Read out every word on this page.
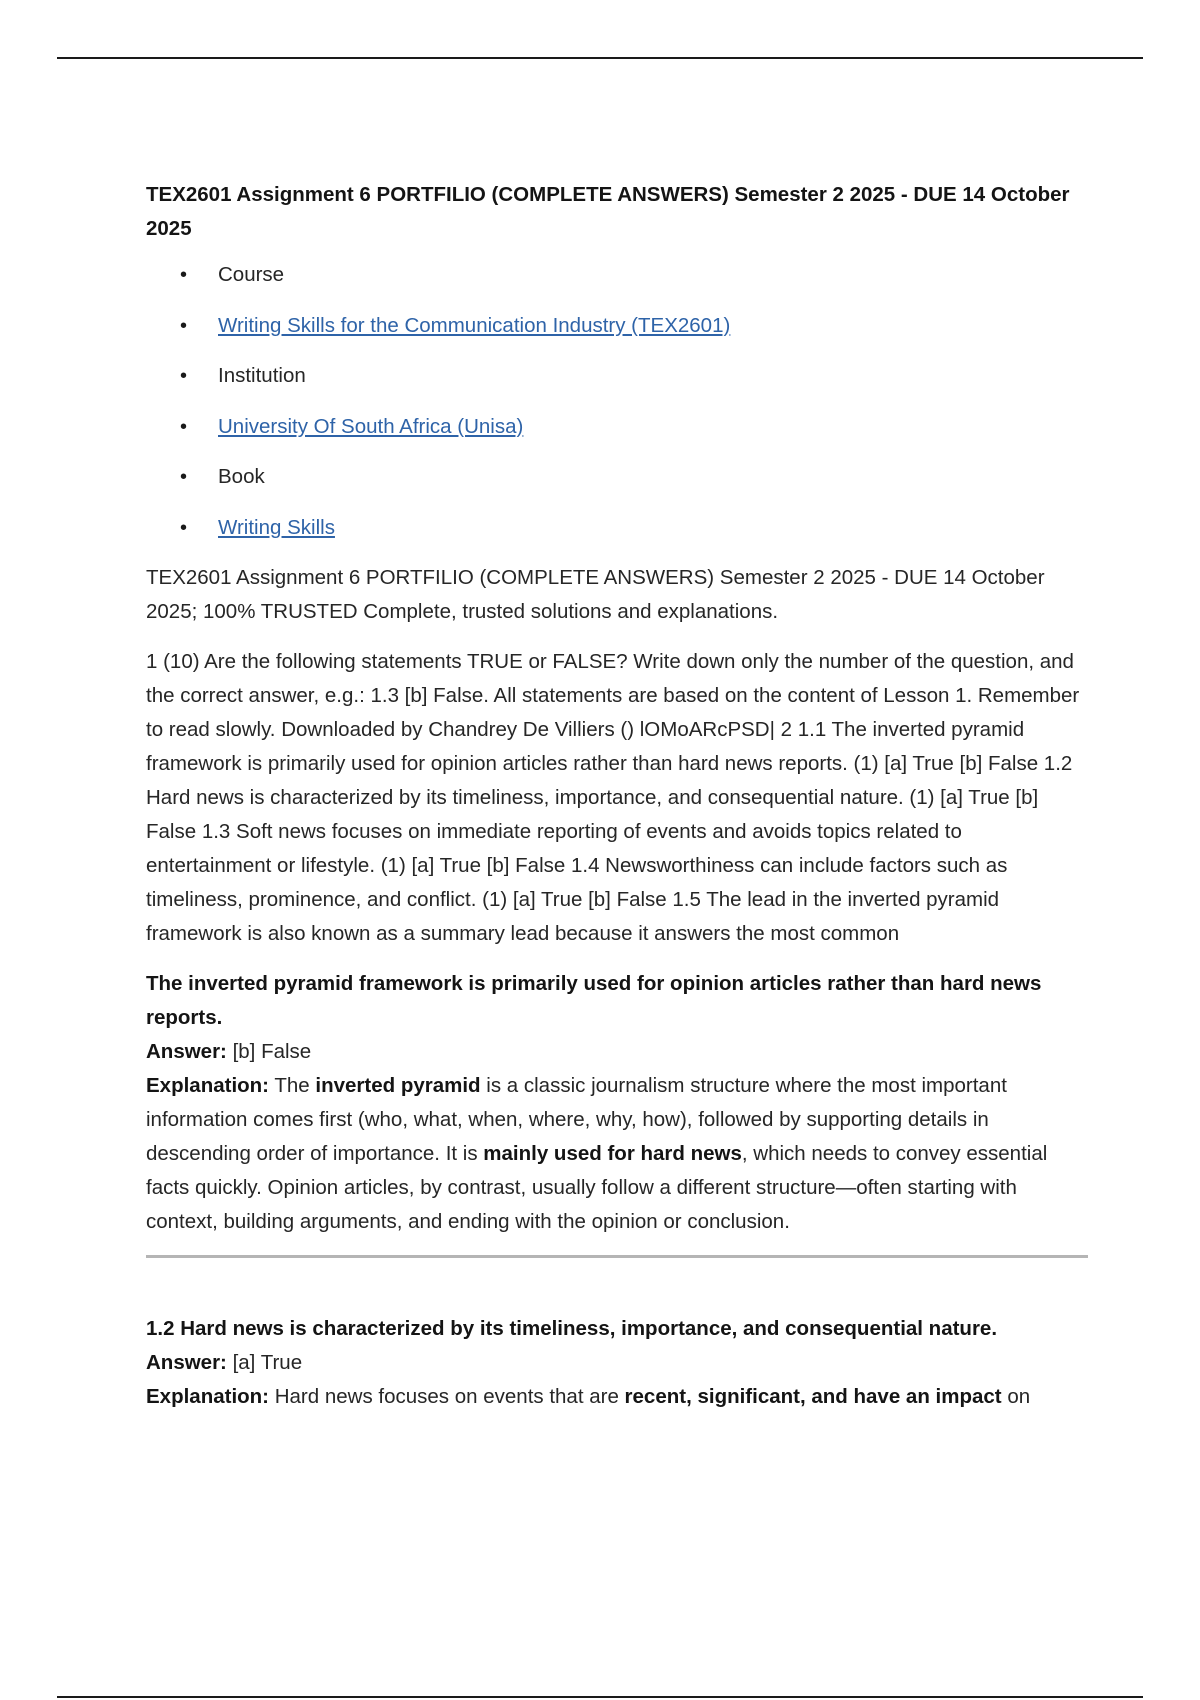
TEX2601 Assignment 6 PORTFILIO (COMPLETE ANSWERS) Semester 2 2025 - DUE 14 October 2025
• Course
• Writing Skills for the Communication Industry (TEX2601)
• Institution
• University Of South Africa (Unisa)
• Book
• Writing Skills

TEX2601 Assignment 6 PORTFILIO (COMPLETE ANSWERS) Semester 2 2025 - DUE 14 October 2025; 100% TRUSTED Complete, trusted solutions and explanations.

1 (10) Are the following statements TRUE or FALSE? Write down only the number of the question, and the correct answer, e.g.: 1.3 [b] False. All statements are based on the content of Lesson 1. Remember to read slowly. Downloaded by Chandrey De Villiers () lOMoARcPSD| 2 1.1 The inverted pyramid framework is primarily used for opinion articles rather than hard news reports. (1) [a] True [b] False 1.2 Hard news is characterized by its timeliness, importance, and consequential nature. (1) [a] True [b] False 1.3 Soft news focuses on immediate reporting of events and avoids topics related to entertainment or lifestyle. (1) [a] True [b] False 1.4 Newsworthiness can include factors such as timeliness, prominence, and conflict. (1) [a] True [b] False 1.5 The lead in the inverted pyramid framework is also known as a summary lead because it answers the most common

The inverted pyramid framework is primarily used for opinion articles rather than hard news reports.
Answer: [b] False
Explanation: The inverted pyramid is a classic journalism structure where the most important information comes first (who, what, when, where, why, how), followed by supporting details in descending order of importance. It is mainly used for hard news, which needs to convey essential facts quickly. Opinion articles, by contrast, usually follow a different structure—often starting with context, building arguments, and ending with the opinion or conclusion.
1.2 Hard news is characterized by its timeliness, importance, and consequential nature.
Answer: [a] True
Explanation: Hard news focuses on events that are recent, significant, and have an impact on
